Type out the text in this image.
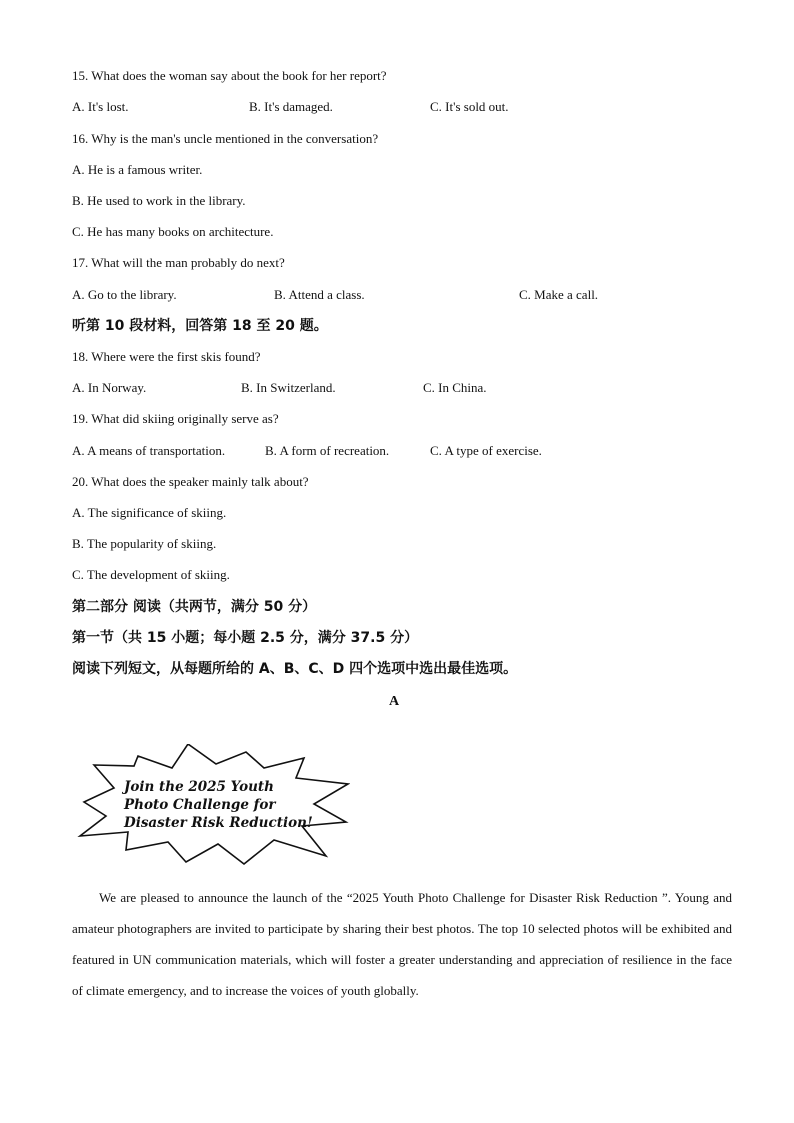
15. What does the woman say about the book for her report?
A. It's lost.	B. It's damaged.	C. It's sold out.
16. Why is the man's uncle mentioned in the conversation?
A. He is a famous writer.
B. He used to work in the library.
C. He has many books on architecture.
17. What will the man probably do next?
A. Go to the library.	B. Attend a class.	C. Make a call.
听第 10 段材料，回答第 18 至 20 题。
18. Where were the first skis found?
A. In Norway.	B. In Switzerland.	C. In China.
19. What did skiing originally serve as?
A. A means of transportation.	B. A form of recreation.	C. A type of exercise.
20. What does the speaker mainly talk about?
A. The significance of skiing.
B. The popularity of skiing.
C. The development of skiing.
第二部分 阅读（共两节，满分 50 分）
第一节（共 15 小题；每小题 2.5 分，满分 37.5 分）
阅读下列短文，从每题所给的 A、B、C、D 四个选项中选出最佳选项。
A
Join the 2025 Youth
Photo Challenge for
Disaster Risk Reduction!
We are pleased to announce the launch of the “2025 Youth Photo Challenge for Disaster Risk Reduction ”. Young and amateur photographers are invited to participate by sharing their best photos. The top 10 selected photos will be exhibited and featured in UN communication materials, which will foster a greater understanding and appreciation of resilience in the face of climate emergency, and to increase the voices of youth globally.
